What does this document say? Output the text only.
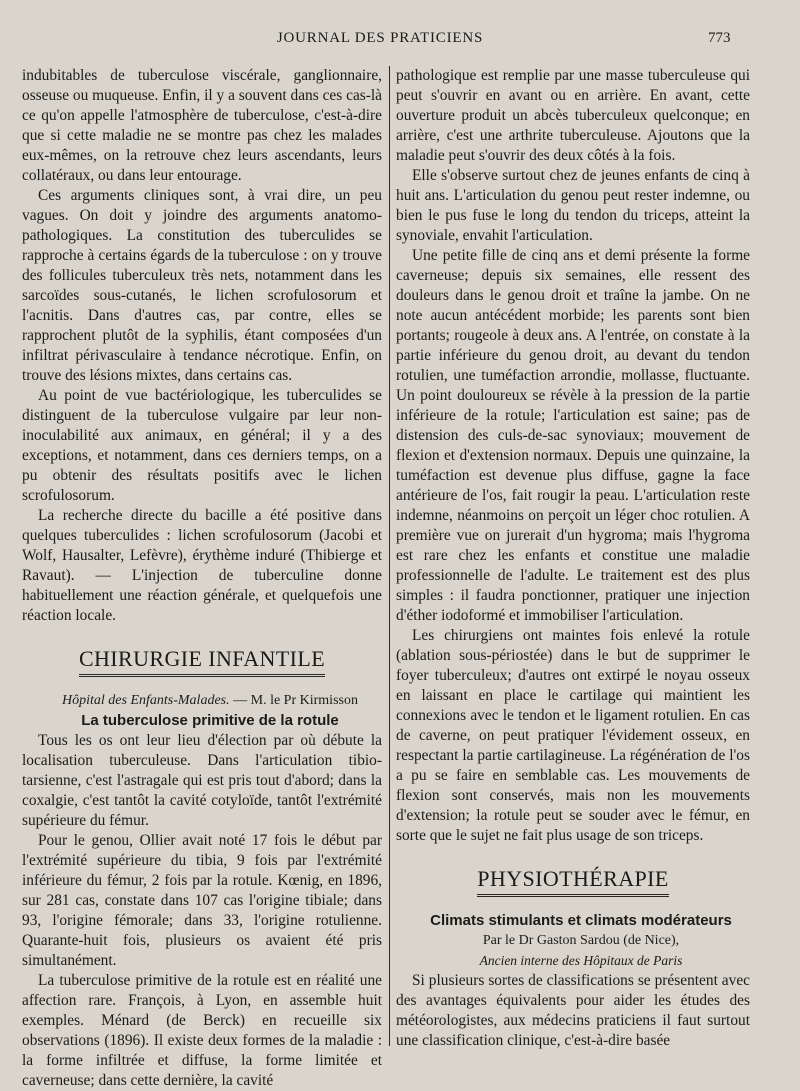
JOURNAL DES PRATICIENS	773

indubitables de tuberculose viscérale, ganglionnaire, osseuse ou muqueuse. Enfin, il y a souvent dans ces cas-là ce qu'on appelle l'atmosphère de tuberculose, c'est-à-dire que si cette maladie ne se montre pas chez les malades eux-mêmes, on la retrouve chez leurs ascendants, leurs collatéraux, ou dans leur entourage.

Ces arguments cliniques sont, à vrai dire, un peu vagues. On doit y joindre des arguments anatomo-pathologiques. La constitution des tuberculides se rapproche à certains égards de la tuberculose : on y trouve des follicules tuberculeux très nets, notamment dans les sarcoïdes sous-cutanés, le lichen scrofulosorum et l'acnitis. Dans d'autres cas, par contre, elles se rapprochent plutôt de la syphilis, étant composées d'un infiltrat périvasculaire à tendance nécrotique. Enfin, on trouve des lésions mixtes, dans certains cas.

Au point de vue bactériologique, les tuberculides se distinguent de la tuberculose vulgaire par leur non-inoculabilité aux animaux, en général; il y a des exceptions, et notamment, dans ces derniers temps, on a pu obtenir des résultats positifs avec le lichen scrofulosorum.

La recherche directe du bacille a été positive dans quelques tuberculides : lichen scrofulosorum (Jacobi et Wolf, Hausalter, Lefèvre), érythème induré (Thibierge et Ravaut). — L'injection de tuberculine donne habituellement une réaction générale, et quelquefois une réaction locale.

CHIRURGIE INFANTILE

Hôpital des Enfants-Malades. — M. le Pr Kirmisson

La tuberculose primitive de la rotule

Tous les os ont leur lieu d'élection par où débute la localisation tuberculeuse. Dans l'articulation tibio-tarsienne, c'est l'astragale qui est pris tout d'abord; dans la coxalgie, c'est tantôt la cavité cotyloïde, tantôt l'extrémité supérieure du fémur.

Pour le genou, Ollier avait noté 17 fois le début par l'extrémité supérieure du tibia, 9 fois par l'extrémité inférieure du fémur, 2 fois par la rotule. Kœnig, en 1896, sur 281 cas, constate dans 107 cas l'origine tibiale; dans 93, l'origine fémorale; dans 33, l'origine rotulienne. Quarante-huit fois, plusieurs os avaient été pris simultanément.

La tuberculose primitive de la rotule est en réalité une affection rare. François, à Lyon, en assemble huit exemples. Ménard (de Berck) en recueille six observations (1896). Il existe deux formes de la maladie : la forme infiltrée et diffuse, la forme limitée et caverneuse; dans cette dernière, la cavité

pathologique est remplie par une masse tuberculeuse qui peut s'ouvrir en avant ou en arrière. En avant, cette ouverture produit un abcès tuberculeux quelconque; en arrière, c'est une arthrite tuberculeuse. Ajoutons que la maladie peut s'ouvrir des deux côtés à la fois.

Elle s'observe surtout chez de jeunes enfants de cinq à huit ans. L'articulation du genou peut rester indemne, ou bien le pus fuse le long du tendon du triceps, atteint la synoviale, envahit l'articulation.

Une petite fille de cinq ans et demi présente la forme caverneuse; depuis six semaines, elle ressent des douleurs dans le genou droit et traîne la jambe. On ne note aucun antécédent morbide; les parents sont bien portants; rougeole à deux ans. A l'entrée, on constate à la partie inférieure du genou droit, au devant du tendon rotulien, une tuméfaction arrondie, mollasse, fluctuante. Un point douloureux se révèle à la pression de la partie inférieure de la rotule; l'articulation est saine; pas de distension des culs-de-sac synoviaux; mouvement de flexion et d'extension normaux. Depuis une quinzaine, la tuméfaction est devenue plus diffuse, gagne la face antérieure de l'os, fait rougir la peau. L'articulation reste indemne, néanmoins on perçoit un léger choc rotulien. A première vue on jurerait d'un hygroma; mais l'hygroma est rare chez les enfants et constitue une maladie professionnelle de l'adulte. Le traitement est des plus simples : il faudra ponctionner, pratiquer une injection d'éther iodoformé et immobiliser l'articulation.

Les chirurgiens ont maintes fois enlevé la rotule (ablation sous-périostée) dans le but de supprimer le foyer tuberculeux; d'autres ont extirpé le noyau osseux en laissant en place le cartilage qui maintient les connexions avec le tendon et le ligament rotulien. En cas de caverne, on peut pratiquer l'évidement osseux, en respectant la partie cartilagineuse. La régénération de l'os a pu se faire en semblable cas. Les mouvements de flexion sont conservés, mais non les mouvements d'extension; la rotule peut se souder avec le fémur, en sorte que le sujet ne fait plus usage de son triceps.

PHYSIOTHÉRAPIE

Climats stimulants et climats modérateurs

Par le Dr Gaston Sardou (de Nice),

Ancien interne des Hôpitaux de Paris

Si plusieurs sortes de classifications se présentent avec des avantages équivalents pour aider les études des météorologistes, aux médecins praticiens il faut surtout une classification clinique, c'est-à-dire basée
